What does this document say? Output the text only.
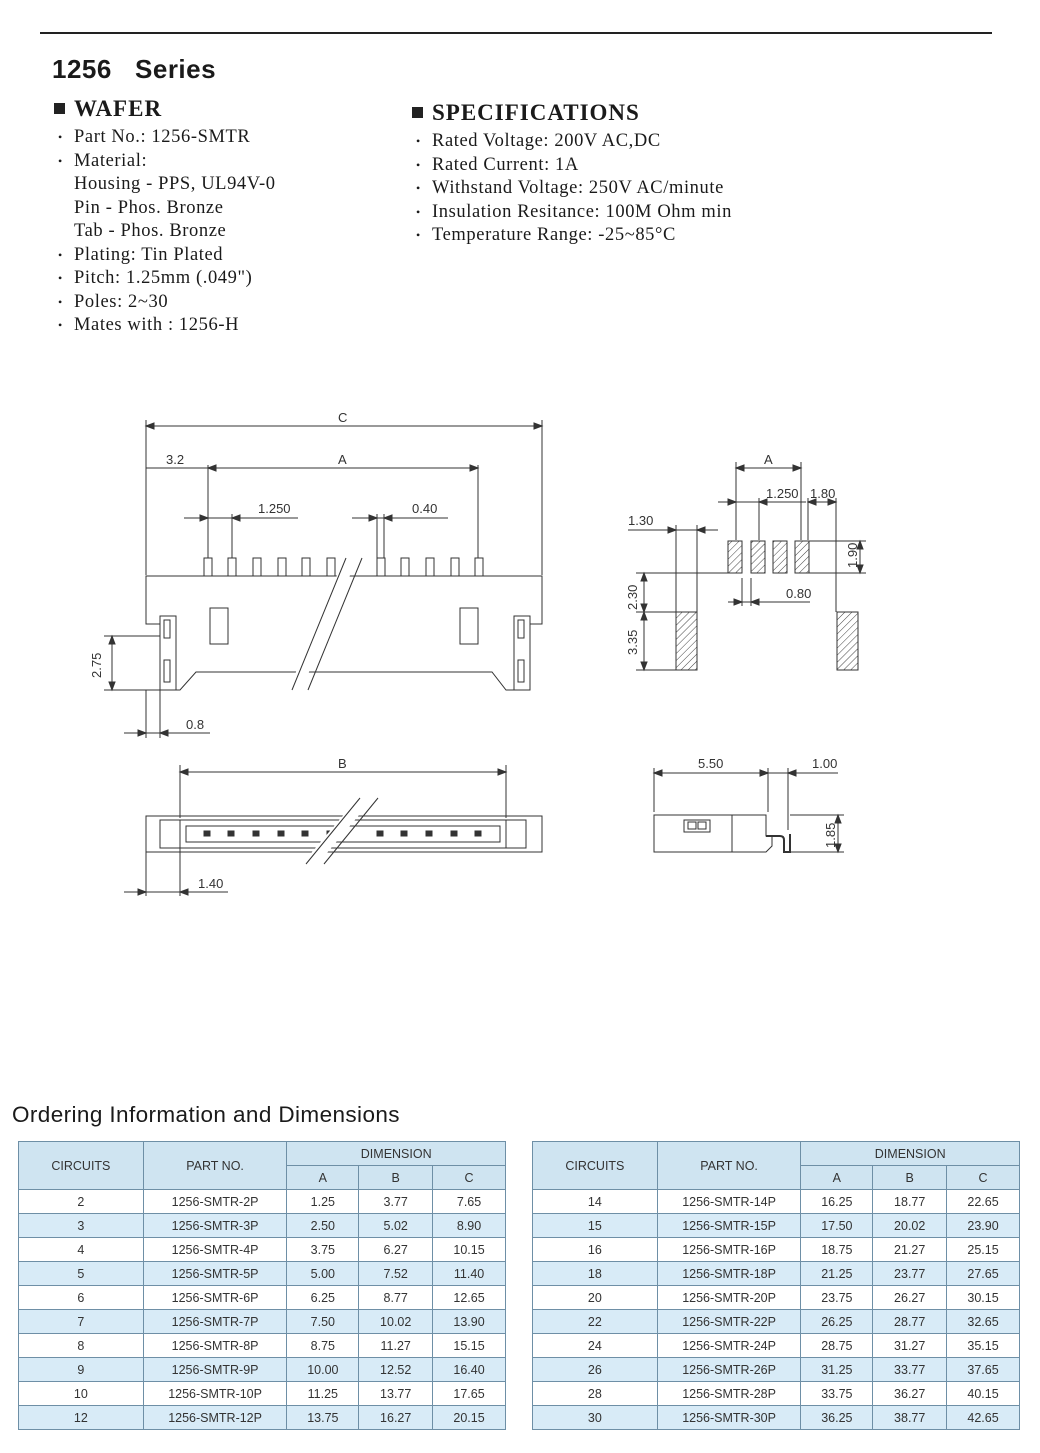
1256   Series
WAFER
• Part No.: 1256-SMTR
• Material:
Housing - PPS, UL94V-0
Pin - Phos. Bronze
Tab - Phos. Bronze
• Plating: Tin Plated
• Pitch: 1.25mm (.049")
• Poles: 2~30
• Mates with : 1256-H
SPECIFICATIONS
• Rated Voltage: 200V AC,DC
• Rated Current: 1A
• Withstand Voltage: 250V AC/minute
• Insulation Resitance: 100M Ohm min
• Temperature Range: -25~85°C
C
3.2	A
1.250	0.40
2.75
0.8
B
1.40
A
1.250 1.80
1.30
1.90
2.30	0.80
3.35
5.50	1.00
1.85
Ordering Information and Dimensions
CIRCUITS	PART NO.	DIMENSION		
		A	B	C
2	1256-SMTR-2P	1.25	3.77	7.65
3	1256-SMTR-3P	2.50	5.02	8.90
4	1256-SMTR-4P	3.75	6.27	10.15
5	1256-SMTR-5P	5.00	7.52	11.40
6	1256-SMTR-6P	6.25	8.77	12.65
7	1256-SMTR-7P	7.50	10.02	13.90
8	1256-SMTR-8P	8.75	11.27	15.15
9	1256-SMTR-9P	10.00	12.52	16.40
10	1256-SMTR-10P	11.25	13.77	17.65
12	1256-SMTR-12P	13.75	16.27	20.15
CIRCUITS	PART NO.	DIMENSION		
		A	B	C
14	1256-SMTR-14P	16.25	18.77	22.65
15	1256-SMTR-15P	17.50	20.02	23.90
16	1256-SMTR-16P	18.75	21.27	25.15
18	1256-SMTR-18P	21.25	23.77	27.65
20	1256-SMTR-20P	23.75	26.27	30.15
22	1256-SMTR-22P	26.25	28.77	32.65
24	1256-SMTR-24P	28.75	31.27	35.15
26	1256-SMTR-26P	31.25	33.77	37.65
28	1256-SMTR-28P	33.75	36.27	40.15
30	1256-SMTR-30P	36.25	38.77	42.65
